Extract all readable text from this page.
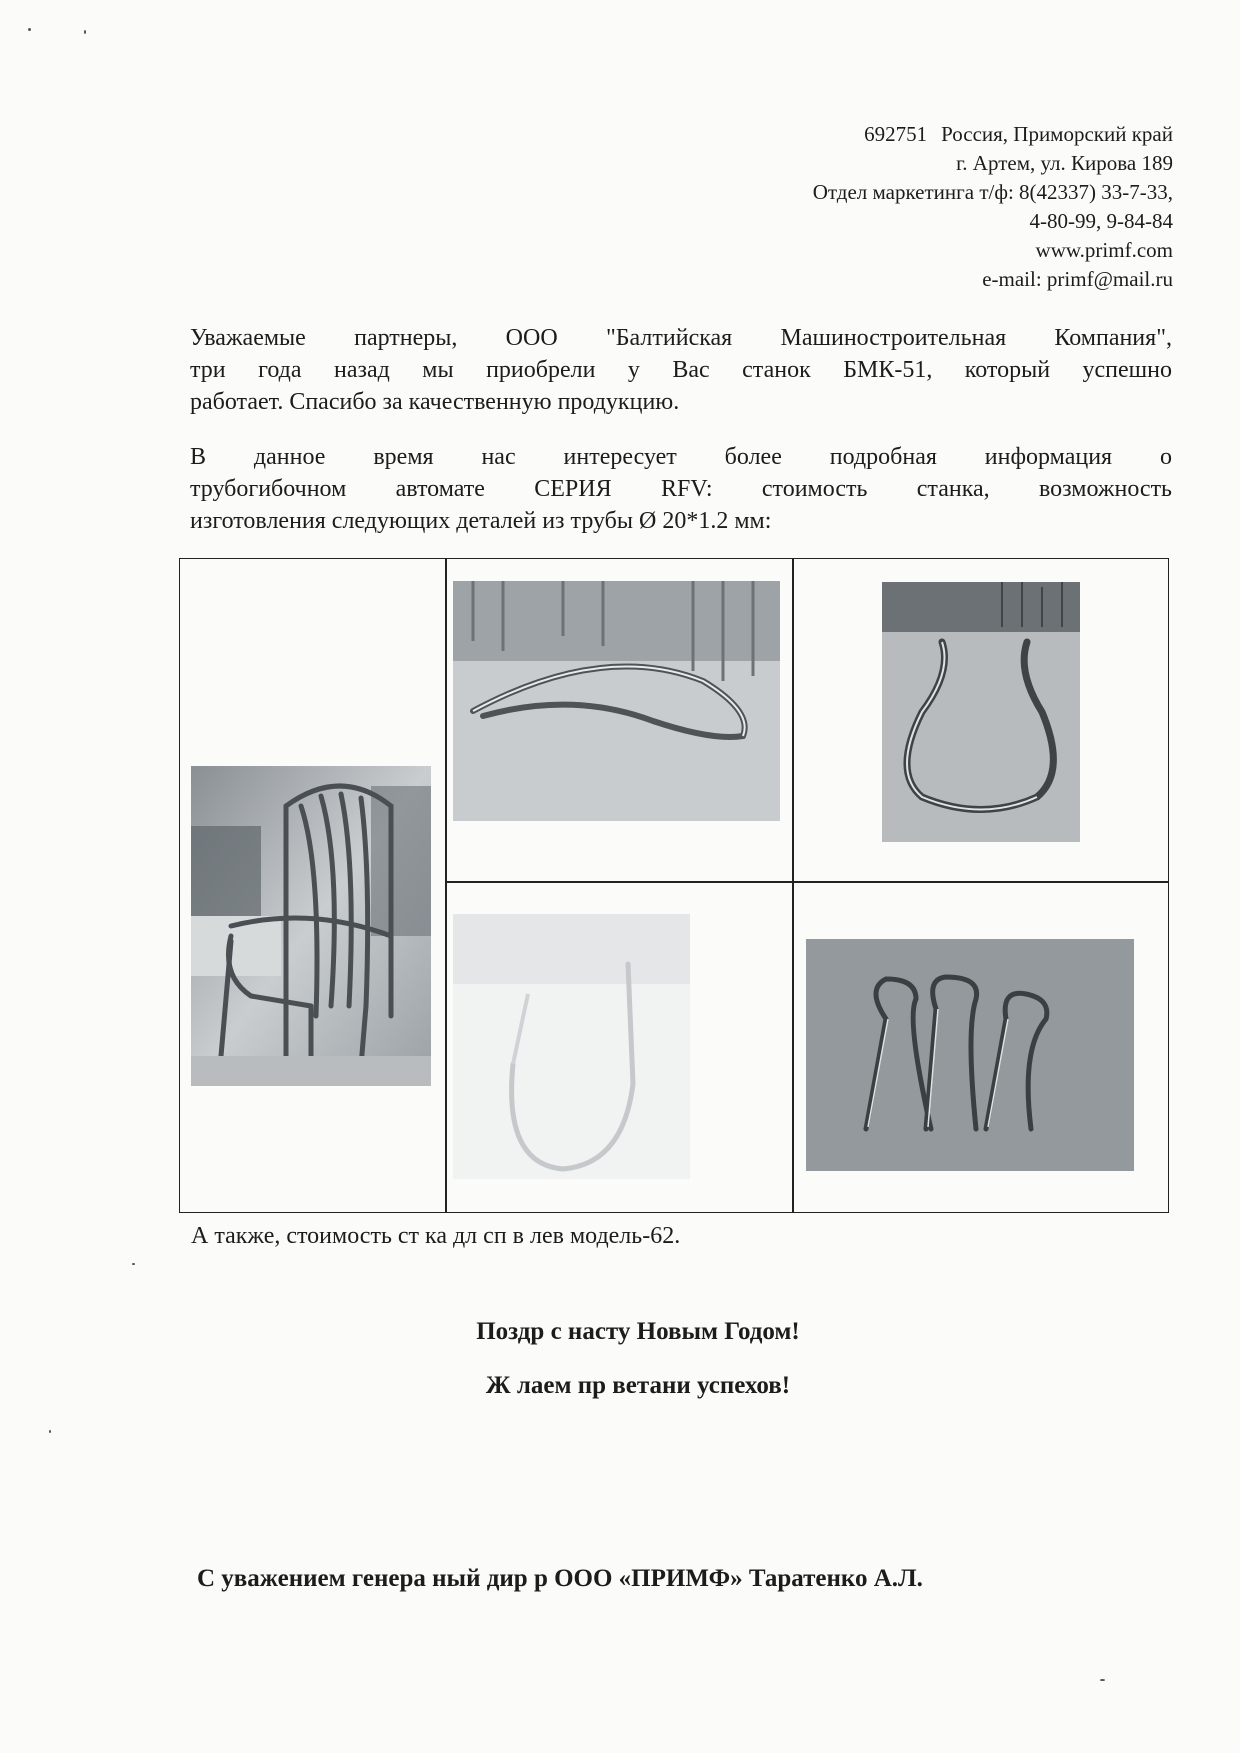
692751 Россия, Приморский край
г. Артем, ул. Кирова 189
Отдел маркетинга т/ф: 8(42337) 33-7-33,
4-80-99, 9-84-84
www.primf.com
e-mail: primf@mail.ru
Уважаемые партнеры, ООО "Балтийская Машиностроительная Компания",
три года назад мы приобрели у Вас станок БМК-51, который успешно
работает. Спасибо за качественную продукцию.
В данное время нас интересует более подробная информация о
трубогибочном автомате СЕРИЯ RFV: стоимость станка, возможность
изготовления следующих деталей из трубы Ø 20*1.2 мм:
А также, стоимость ст ка дл сп в лев модель-62.
Поздр с насту Новым Годом!
Ж лаем пр ветани успехов!
С уважением генера ный дир р ООО «ПРИМФ» Таратенко А.Л.
